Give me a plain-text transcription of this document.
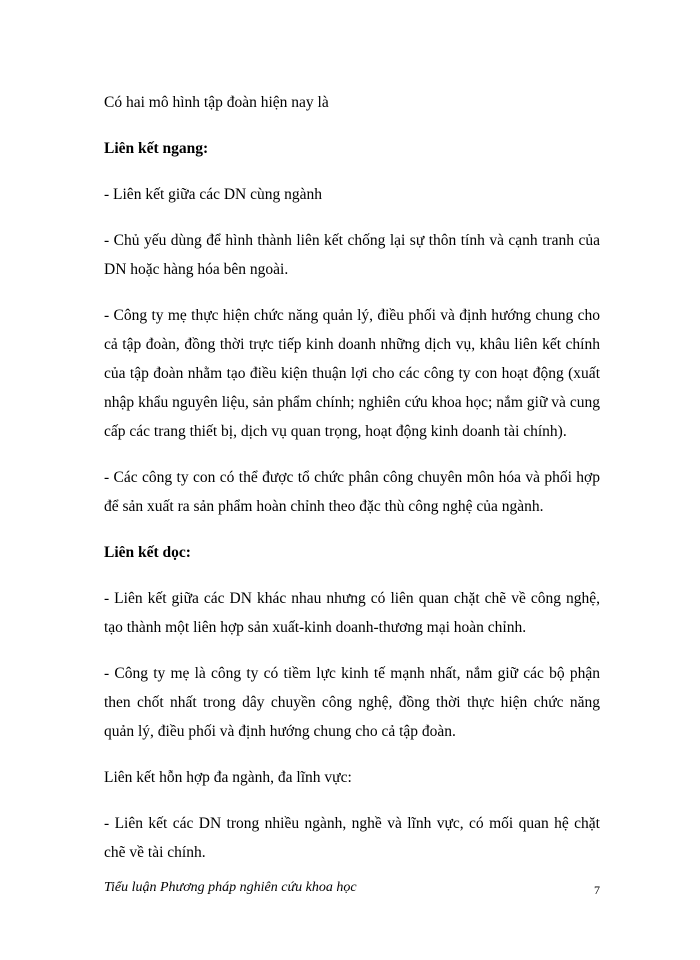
Có hai mô hình tập đoàn hiện nay là

Liên kết ngang:

- Liên kết giữa các DN cùng ngành

- Chủ yếu dùng để hình thành liên kết chống lại sự thôn tính và cạnh tranh của DN hoặc hàng hóa bên ngoài.

- Công ty mẹ thực hiện chức năng quản lý, điều phối và định hướng chung cho cả tập đoàn, đồng thời trực tiếp kinh doanh những dịch vụ, khâu liên kết chính của tập đoàn nhằm tạo điều kiện thuận lợi cho các công ty con hoạt động (xuất nhập khẩu nguyên liệu, sản phẩm chính; nghiên cứu khoa học; nắm giữ và cung cấp các trang thiết bị, dịch vụ quan trọng, hoạt động kinh doanh tài chính).

- Các công ty con có thể được tổ chức phân công chuyên môn hóa và phối hợp để sản xuất ra sản phẩm hoàn chỉnh theo đặc thù công nghệ của ngành.

Liên kết dọc:

- Liên kết giữa các DN khác nhau nhưng có liên quan chặt chẽ về công nghệ, tạo thành một liên hợp sản xuất-kinh doanh-thương mại hoàn chỉnh.

- Công ty mẹ là công ty có tiềm lực kinh tế mạnh nhất, nắm giữ các bộ phận then chốt nhất trong dây chuyền công nghệ, đồng thời thực hiện chức năng quản lý, điều phối và định hướng chung cho cả tập đoàn.

Liên kết hỗn hợp đa ngành, đa lĩnh vực:

- Liên kết các DN trong nhiều ngành, nghề và lĩnh vực, có mối quan hệ chặt chẽ về tài chính.

Tiểu luận Phương pháp nghiên cứu khoa học	7
